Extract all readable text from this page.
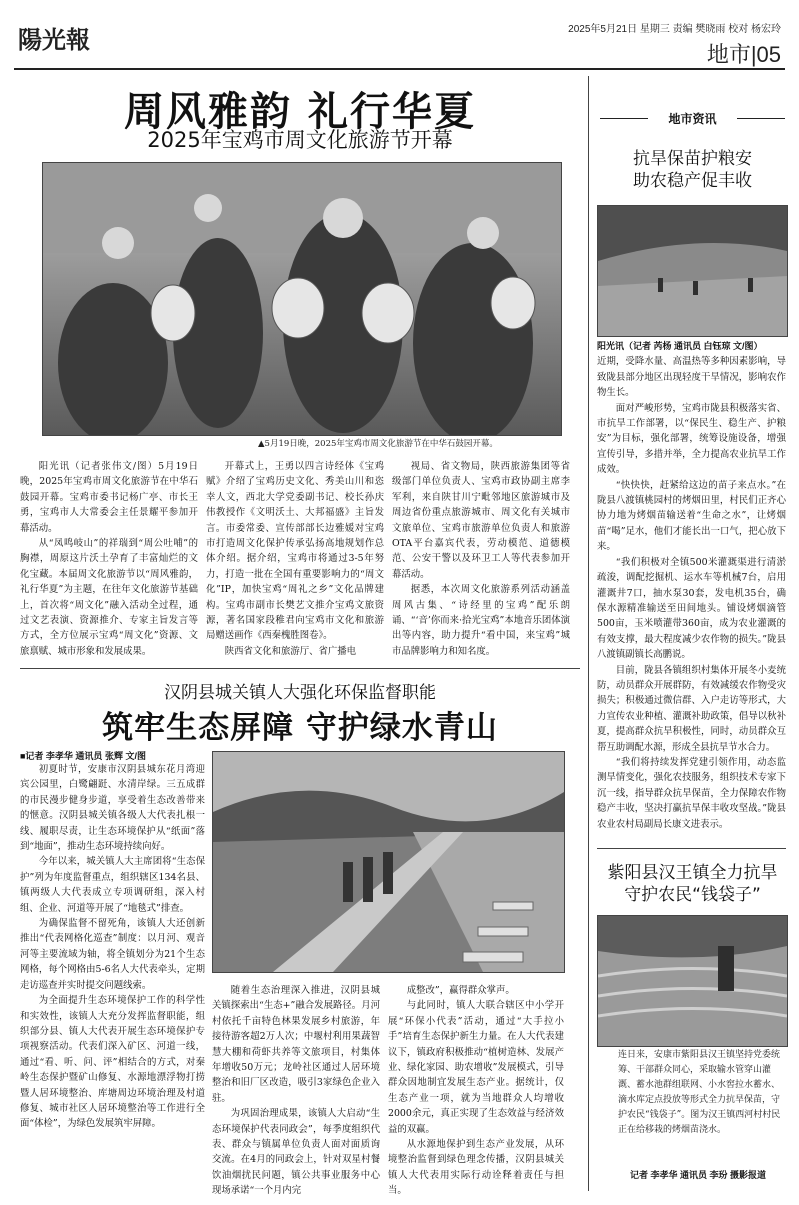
陽光報	2025年5月21日 星期三 责编 樊晓雨 校对 杨宏玲
地市|05
周风雅韵 礼行华夏
2025年宝鸡市周文化旅游节开幕
▲5月19日晚，2025年宝鸡市周文化旅游节在中华石鼓园开幕。

阳光讯（记者张伟文/图）5月19日晚，2025年宝鸡市周文化旅游节在中华石鼓园开幕。宝鸡市委书记杨广亭、市长王勇，宝鸡市人大常委会主任景耀平参加开幕活动。

从“凤鸣岐山”的祥瑞到“周公吐哺”的胸襟，周原这片沃土孕育了丰富灿烂的文化宝藏。本届周文化旅游节以“周风雅韵，礼行华夏”为主题，在往年文化旅游节基础上，首次将“周文化”融入活动全过程，通过文艺表演、资源推介、专家主旨发言等方式，全方位展示宝鸡“周文化”资源、文旅禀赋、城市形象和发展成果。

开幕式上，王勇以四言诗经体《宝鸡赋》介绍了宝鸡历史文化、秀美山川和恣幸人文，西北大学党委副书记、校长孙庆伟教授作《文明沃土、大邦福盛》主旨发言。市委常委、宣传部部长边雅媛对宝鸡市打造周文化保护传承弘扬高地规划作总体介绍。据介绍，宝鸡市将通过3-5年努力，打造一批在全国有重要影响力的“周文化”IP，加快宝鸡“周礼之乡”文化品牌建构。宝鸡市副市长樊艺文推介宝鸡文旅资源，著名国家段稚君向宝鸡市文化和旅游局赠送画作《西秦槐胜图卷》。

陕西省文化和旅游厅、省广播电

视局、省文物局，陕西旅游集团等省级部门单位负责人、宝鸡市政协副主席李军利，来自陕甘川宁毗邻地区旅游城市及周边省份重点旅游城市、周文化有关城市文旅单位、宝鸡市旅游单位负责人和旅游OTA平台嘉宾代表，劳动模范、道德模范、公安干警以及环卫工人等代表参加开幕活动。

据悉，本次周文化旅游系列活动涵盖周风古集、“诗经里的宝鸡”配乐朗诵、“‘音’你而来·拾光宝鸡”本地音乐团体演出等内容，助力提升“看中国，来宝鸡”城市品牌影响力和知名度。

汉阴县城关镇人大强化环保监督职能
筑牢生态屏障 守护绿水青山
■记者 李孝华 通讯员 张辉 文/图

初夏时节，安康市汉阴县城东花月湾迎宾公园里，白鹭翩跹、水清岸绿。三五成群的市民漫步健身步道，享受着生态改善带来的惬意。汉阴县城关镇各级人大代表扎根一线、履职尽责，让生态环境保护从“纸面”落到“地面”，推动生态环境持续向好。

今年以来，城关镇人大主席团将“生态保护”列为年度监督重点，组织辖区134名县、镇两级人大代表成立专项调研组，深入村组、企业、河道等开展了“地毯式”排查。

为确保监督不留死角，该镇人大还创新推出“代表网格化巡查”制度：以月河、观音河等主要流域为轴，将全镇划分为21个生态网格，每个网格由5-6名人大代表牵头，定期走访巡查并实时提交问题线索。

为全面提升生态环境保护工作的科学性和实效性，该镇人大充分发挥监督职能，组织部分县、镇人大代表开展生态环境保护专项视察活动。代表们深入矿区、河道一线，通过“看、听、问、评”相结合的方式，对秦岭生态保护暨矿山修复、水源地漂浮物打捞暨人居环境整治、库塘周边环境治理及村道修复、城市社区人居环境整治等工作进行全面“体检”，为绿色发展筑牢屏障。

随着生态治理深入推进，汉阴县城关镇探索出“生态+”融合发展路径。月河村依托千亩特色林果发展乡村旅游，年接待游客超2万人次；中堰村利用果蔬智慧大棚和荷虾共养等文旅项目，村集体年增收50万元；龙岭社区通过人居环境整治和旧厂区改造，吸引3家绿色企业入驻。

为巩固治理成果，该镇人大启动“生态环境保护代表同政会”，每季度组织代表、群众与镇属单位负责人面对面质询交流。在4月的同政会上，针对双星村餐饮油烟扰民问题，镇公共事业服务中心现场承诺“一个月内完

成整改”，赢得群众掌声。

与此同时，镇人大联合辖区中小学开展“环保小代表”活动，通过“大手拉小手”培育生态保护新生力量。在人大代表建议下，镇政府积极推动“植树造林、发展产业、绿化家园、助农增收”发展模式，引导群众因地制宜发展生态产业。据统计，仅生态产业一项，就为当地群众人均增收2000余元，真正实现了生态效益与经济效益的双赢。

从水源地保护到生态产业发展，从环境整治监督到绿色理念传播，汉阴县城关镇人大代表用实际行动诠释着责任与担当。

地市资讯
抗旱保苗护粮安
助农稳产促丰收

阳光讯（记者 芮杨 通讯员 白钰琼 文/图）

近期，受降水量、高温热等多种因素影响，导致陇县部分地区出现轻度干旱情况，影响农作物生长。

面对严峻形势，宝鸡市陇县积极落实省、市抗旱工作部署，以“保民生、稳生产、护粮安”为目标，强化部署，统筹设施设备，增强宣传引导，多措并举，全力提高农业抗旱工作成效。

“快快快，赶紧给这边的苗子来点水。”在陇县八渡镇桃园村的烤烟田里，村民们正齐心协力地为烤烟苗输送着“生命之水”，让烤烟苗“喝”足水，他们才能长出一口气，把心放下来。

“我们积极对全镇500米灌溉渠进行清淤疏浚，调配挖掘机、运水车等机械7台，启用灌溉井7口，抽水泵30套，发电机35台，确保水源精准输送至田间地头。铺设烤烟滴管500亩，玉米喷灌带360亩，成为农业灌溉的有效支撑，最大程度减少农作物的损失。”陇县八渡镇副镇长高鹏说。

目前，陇县各镇组织村集体开展冬小麦统防，动员群众开展群防，有效减缓农作物受灾损失；积极通过微信群、入户走访等形式，大力宣传农业种植、灌溉补助政策，倡导以秋补夏，提高群众抗旱积极性，同时，动员群众互帮互助调配水源，形成全县抗旱节水合力。

“我们将持续发挥党建引领作用，动态监测旱情变化，强化农技服务，组织技术专家下沉一线，指导群众抗旱保苗，全力保障农作物稳产丰收，坚决打赢抗旱保丰收攻坚战。”陇县农业农村局副局长康文进表示。

紫阳县汉王镇全力抗旱
守护农民“钱袋子”
连日来，安康市紫阳县汉王镇坚持党委统筹、干部群众同心，采取输水管穿山灌溉、蓄水池群组联网、小水窖拉水蓄水、滴水库定点投放等形式全力抗旱保苗，守护农民“钱袋子”。图为汉王镇西河村村民正在给移栽的烤烟苗浇水。
记者 李孝华 通讯员 李玢 摄影报道
